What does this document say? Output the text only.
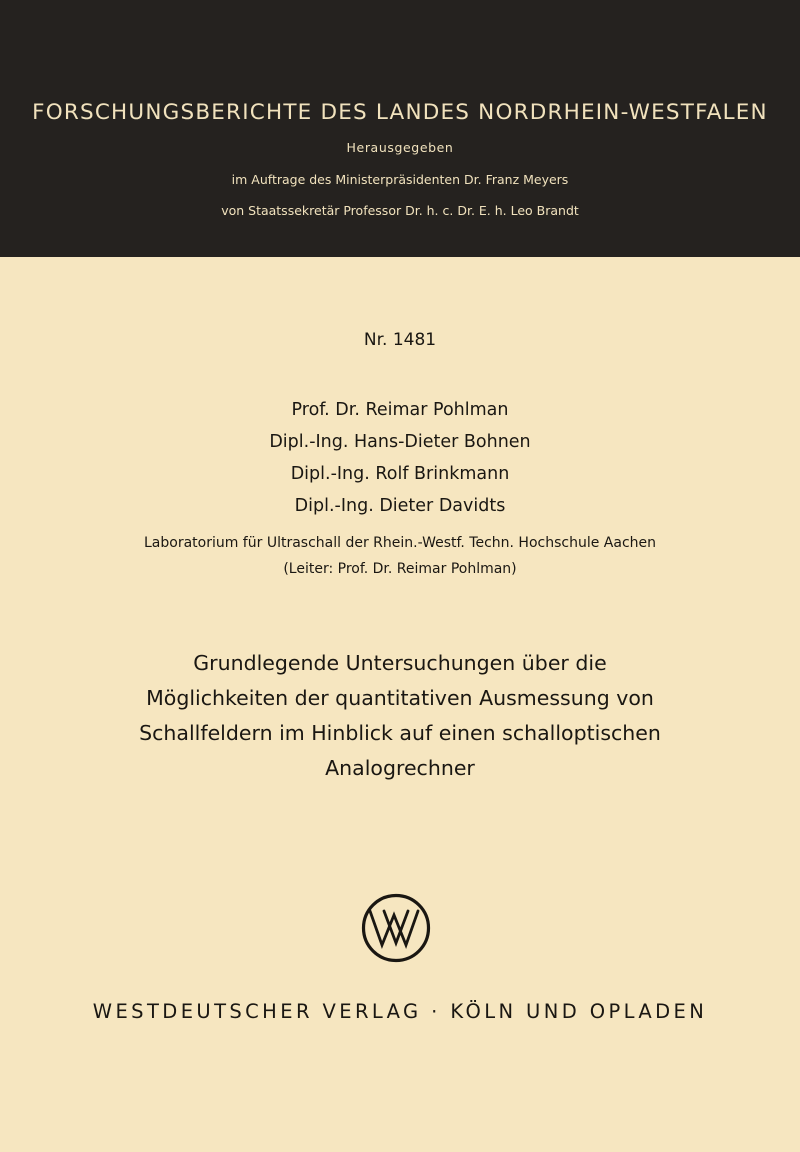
FORSCHUNGSBERICHTE DES LANDES NORDRHEIN-WESTFALEN
Herausgegeben
im Auftrage des Ministerpräsidenten Dr. Franz Meyers
von Staatssekretär Professor Dr. h. c. Dr. E. h. Leo Brandt
Nr. 1481
Prof. Dr. Reimar Pohlman
Dipl.-Ing. Hans-Dieter Bohnen
Dipl.-Ing. Rolf Brinkmann
Dipl.-Ing. Dieter Davidts
Laboratorium für Ultraschall der Rhein.-Westf. Techn. Hochschule Aachen
(Leiter: Prof. Dr. Reimar Pohlman)
Grundlegende Untersuchungen über die
Möglichkeiten der quantitativen Ausmessung von
Schallfeldern im Hinblick auf einen schalloptischen
Analogrechner
WESTDEUTSCHER VERLAG · KÖLN UND OPLADEN
